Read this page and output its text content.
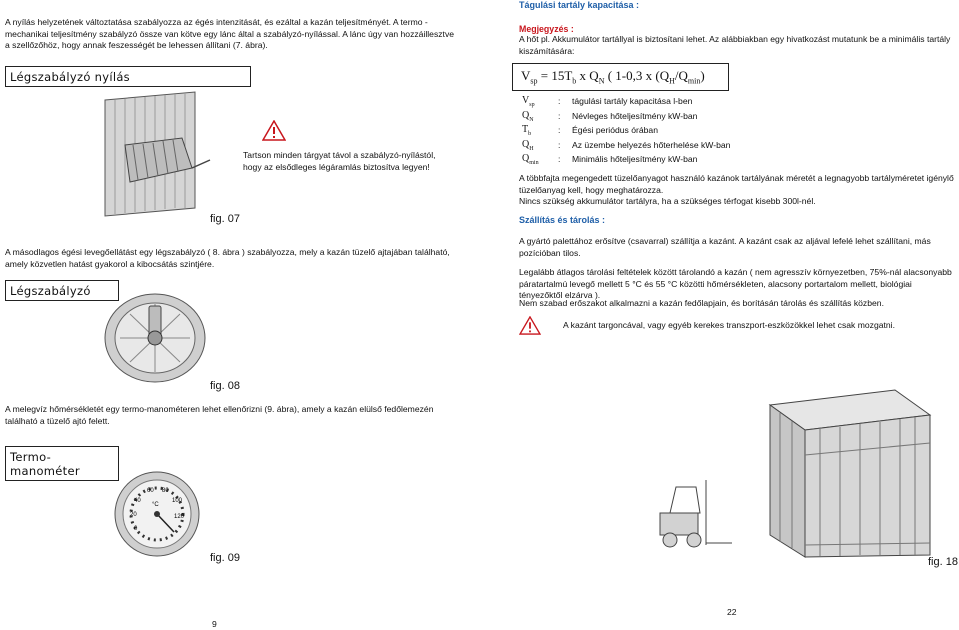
A nyílás helyzetének változtatása szabályozza az égés intenzitását, és ezáltal a kazán teljesítményét. A termo - mechanikai teljesítmény szabályzó össze van kötve egy lánc által a szabályzó-nyílással. A lánc úgy van hozzáillesztve a szellőzőhöz, hogy annak feszességét be lehessen állítani (7. ábra).

Légszabályzó nyílás

Tartson minden tárgyat távol a szabályzó-nyílástól, hogy az elsődleges légáramlás biztosítva legyen!

fig. 07

A másodlagos égési levegőellátást egy légszabályzó ( 8. ábra ) szabályozza, mely a kazán tüzelő ajtajában található, amely közvetlen hatást gyakorol a kibocsátás szintjére.

Légszabályzó
fig. 08

A melegvíz hőmérsékletét egy termo-manométeren lehet ellenőrizni (9. ábra), amely a kazán elülső fedőlemezén található a tüzelő ajtó felett.

Termo-manométer
40
60 80
100
120
20
0
°C
fig. 09
9
Tágulási tartály kapacitása :
Megjegyzés :

A hőt pl. Akkumulátor tartállyal is biztosítani lehet. Az alábbiakban egy hivatkozást mutatunk be a minimális tartály kiszámítására:

$V_{sp} = 15T_b$ x $Q_N$ ( 1-0,3 x $(Q_H/Q_{min})$
$V_{sp}$	:	tágulási tartály kapacitása l-ben
$Q_N$	:	Névleges hőteljesítmény kW-ban
$T_b$	:	Égési periódus órában
$Q_H$	:	Az üzembe helyezés hőterhelése kW-ban
$Q_{min}$	:	Minimális hőteljesítmény kW-ban

A többfajta megengedett tüzelőanyagot használó kazánok tartályának méretét a legnagyobb tartályméretet igénylő tüzelőanyag kell, hogy meghatározza.

Nincs szükség akkumulátor tartályra, ha a szükséges térfogat kisebb 300l-nél.

Szállítás és tárolás :

A gyártó palettához erősítve (csavarral) szállítja a kazánt. A kazánt csak az aljával lefelé lehet szállítani, más pozícióban tilos.

Legalább átlagos tárolási feltételek között tárolandó a kazán ( nem agresszív környezetben, 75%-nál alacsonyabb páratartalmú levegő mellett 5 °C és 55 °C közötti hőmérsékleten, alacsony portartalom mellett, biológiai tényezőktől elzárva ).

Nem szabad erőszakot alkalmazni a kazán fedőlapjain, és borításán tárolás és szállítás közben.

A kazánt targoncával, vagy egyéb kerekes transzport-eszközökkel lehet csak mozgatni.

fig. 18
22
